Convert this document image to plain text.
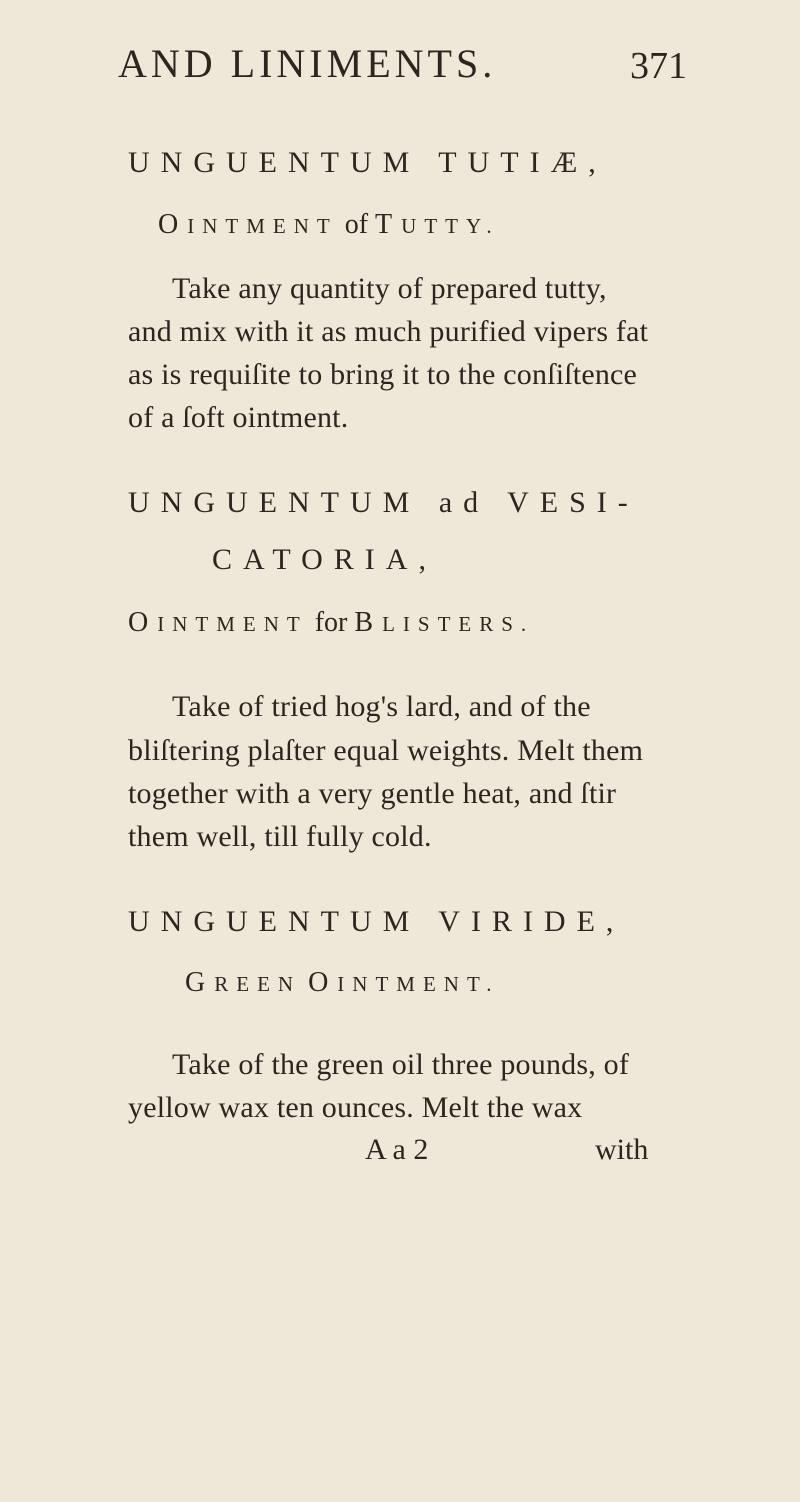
AND LINIMENTS.	371
UNGUENTUM TUTIÆ,
OINTMENT of TUTTY.
Take any quantity of prepared tutty,
and mix with it as much purified vipers fat
as is requiſite to bring it to the conſiſtence
of a ſoft ointment.
UNGUENTUM ad VESI-
CATORIA,
OINTMENT for BLISTERS.
Take of tried hog's lard, and of the
bliſtering plaſter equal weights. Melt them
together with a very gentle heat, and ſtir
them well, till fully cold.
UNGUENTUM VIRIDE,
GREEN OINTMENT.
Take of the green oil three pounds, of
yellow wax ten ounces. Melt the wax
A a 2	with
